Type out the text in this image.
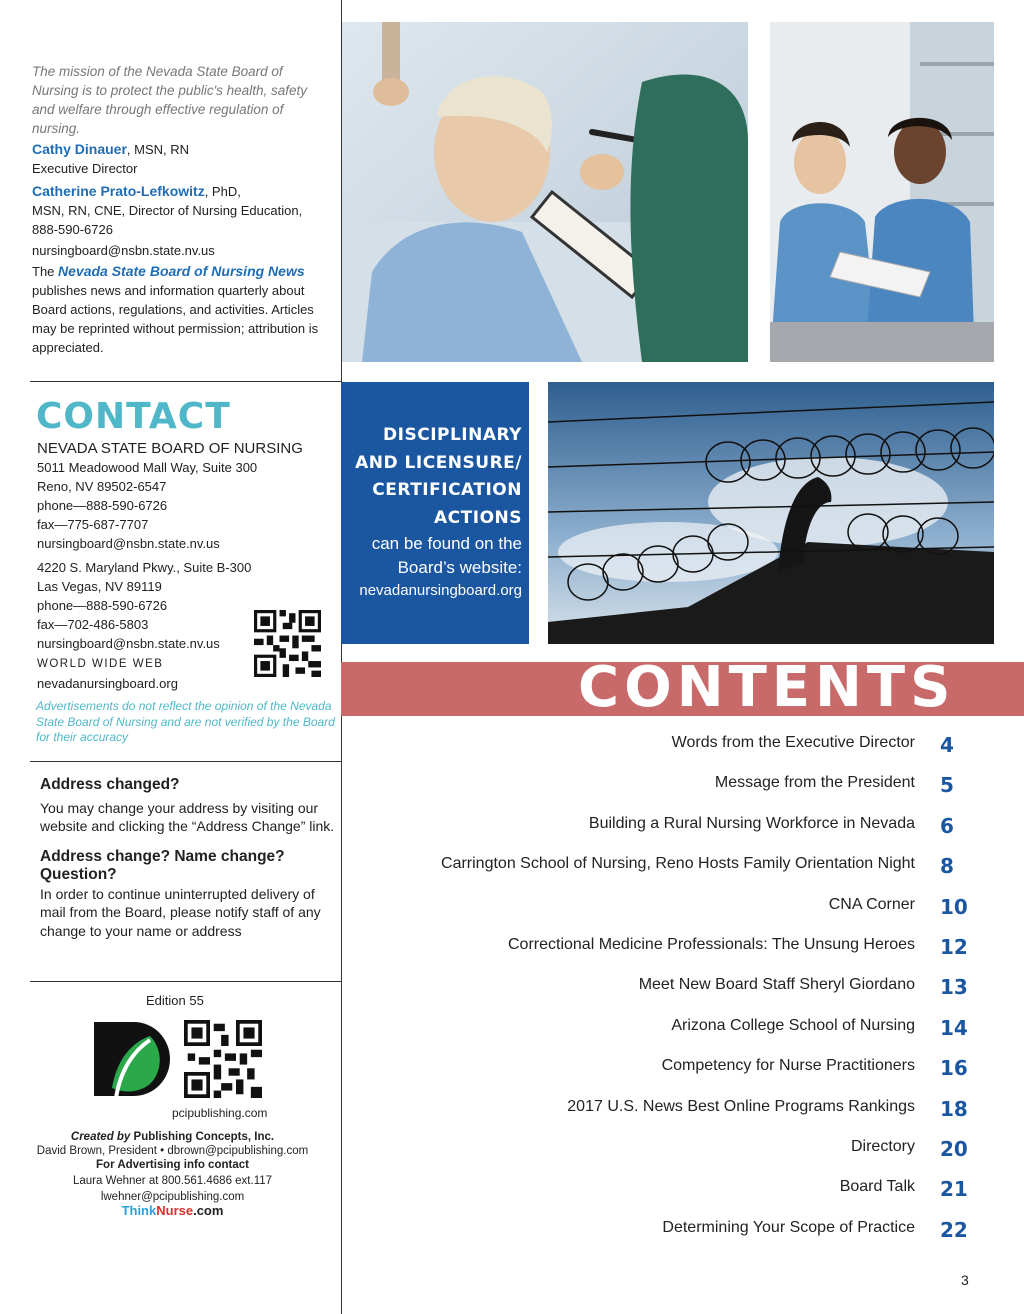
The mission of the Nevada State Board of Nursing is to protect the public's health, safety and welfare through effective regulation of nursing.
Cathy Dinauer, MSN, RN
Executive Director
Catherine Prato-Lefkowitz, PhD,
MSN, RN, CNE, Director of Nursing Education,
888-590-6726
nursingboard@nsbn.state.nv.us
The Nevada State Board of Nursing News publishes news and information quarterly about Board actions, regulations, and activities. Articles may be reprinted without permission; attribution is appreciated.
CONTACT
NEVADA STATE BOARD OF NURSING
5011 Meadowood Mall Way, Suite 300
Reno, NV 89502-6547
phone—888-590-6726
fax—775-687-7707
nursingboard@nsbn.state.nv.us
4220 S. Maryland Pkwy., Suite B-300
Las Vegas, NV 89119
phone—888-590-6726
fax—702-486-5803
nursingboard@nsbn.state.nv.us
WORLD WIDE WEB
nevadanursingboard.org
Advertisements do not reflect the opinion of the Nevada State Board of Nursing and are not verified by the Board for their accuracy
Address changed?

You may change your address by visiting our website and clicking the “Address Change” link.

Address change? Name change? Question?

In order to continue uninterrupted delivery of mail from the Board, please notify staff of any change to your name or address

Edition 55
pcipublishing.com
Created by Publishing Concepts, Inc.
David Brown, President • dbrown@pcipublishing.com
For Advertising info contact
Laura Wehner at 800.561.4686 ext.117
lwehner@pcipublishing.com
ThinkNurse.com
DISCIPLINARY
AND LICENSURE/
CERTIFICATION
ACTIONS
can be found on the
Board’s website:
nevadanursingboard.org
CONTENTS
Words from the Executive Director 4
Message from the President 5
Building a Rural Nursing Workforce in Nevada 6
Carrington School of Nursing, Reno Hosts Family Orientation Night 8
CNA Corner 10
Correctional Medicine Professionals: The Unsung Heroes 12
Meet New Board Staff Sheryl Giordano 13
Arizona College School of Nursing 14
Competency for Nurse Practitioners 16
2017 U.S. News Best Online Programs Rankings 18
Directory 20
Board Talk 21
Determining Your Scope of Practice 22
3
